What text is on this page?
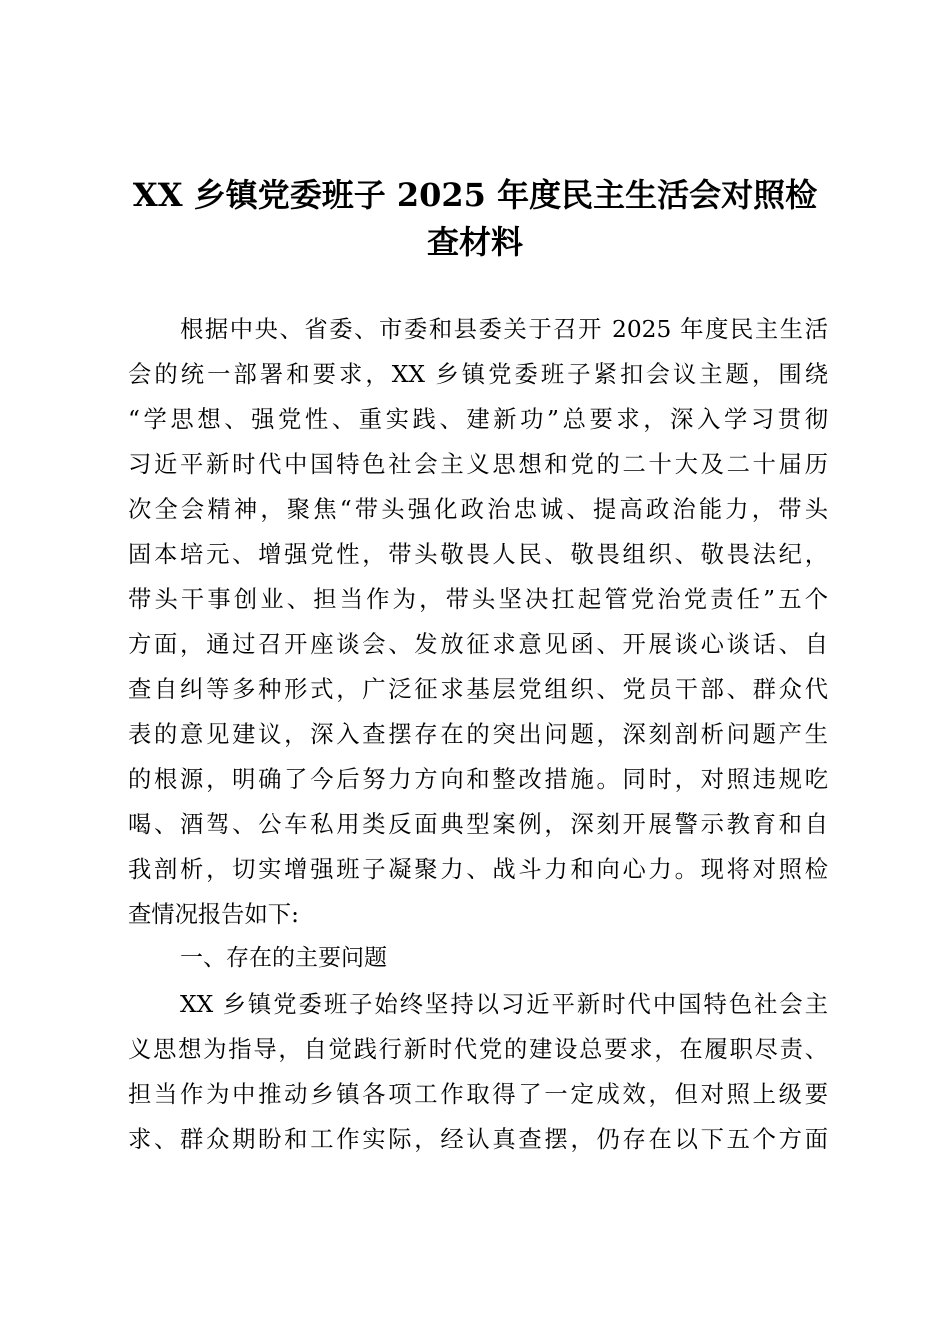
XX 乡镇党委班子 2025 年度民主生活会对照检
查材料
根据中央、省委、市委和县委关于召开 2025 年度民主生活
会的统一部署和要求，XX 乡镇党委班子紧扣会议主题，围绕
“学思想、强党性、重实践、建新功”总要求，深入学习贯彻
习近平新时代中国特色社会主义思想和党的二十大及二十届历
次全会精神，聚焦“带头强化政治忠诚、提高政治能力，带头
固本培元、增强党性，带头敬畏人民、敬畏组织、敬畏法纪，
带头干事创业、担当作为，带头坚决扛起管党治党责任”五个
方面，通过召开座谈会、发放征求意见函、开展谈心谈话、自
查自纠等多种形式，广泛征求基层党组织、党员干部、群众代
表的意见建议，深入查摆存在的突出问题，深刻剖析问题产生
的根源，明确了今后努力方向和整改措施。同时，对照违规吃
喝、酒驾、公车私用类反面典型案例，深刻开展警示教育和自
我剖析，切实增强班子凝聚力、战斗力和向心力。现将对照检
查情况报告如下:
一、存在的主要问题
XX 乡镇党委班子始终坚持以习近平新时代中国特色社会主
义思想为指导，自觉践行新时代党的建设总要求，在履职尽责、
担当作为中推动乡镇各项工作取得了一定成效，但对照上级要
求、群众期盼和工作实际，经认真查摆，仍存在以下五个方面
